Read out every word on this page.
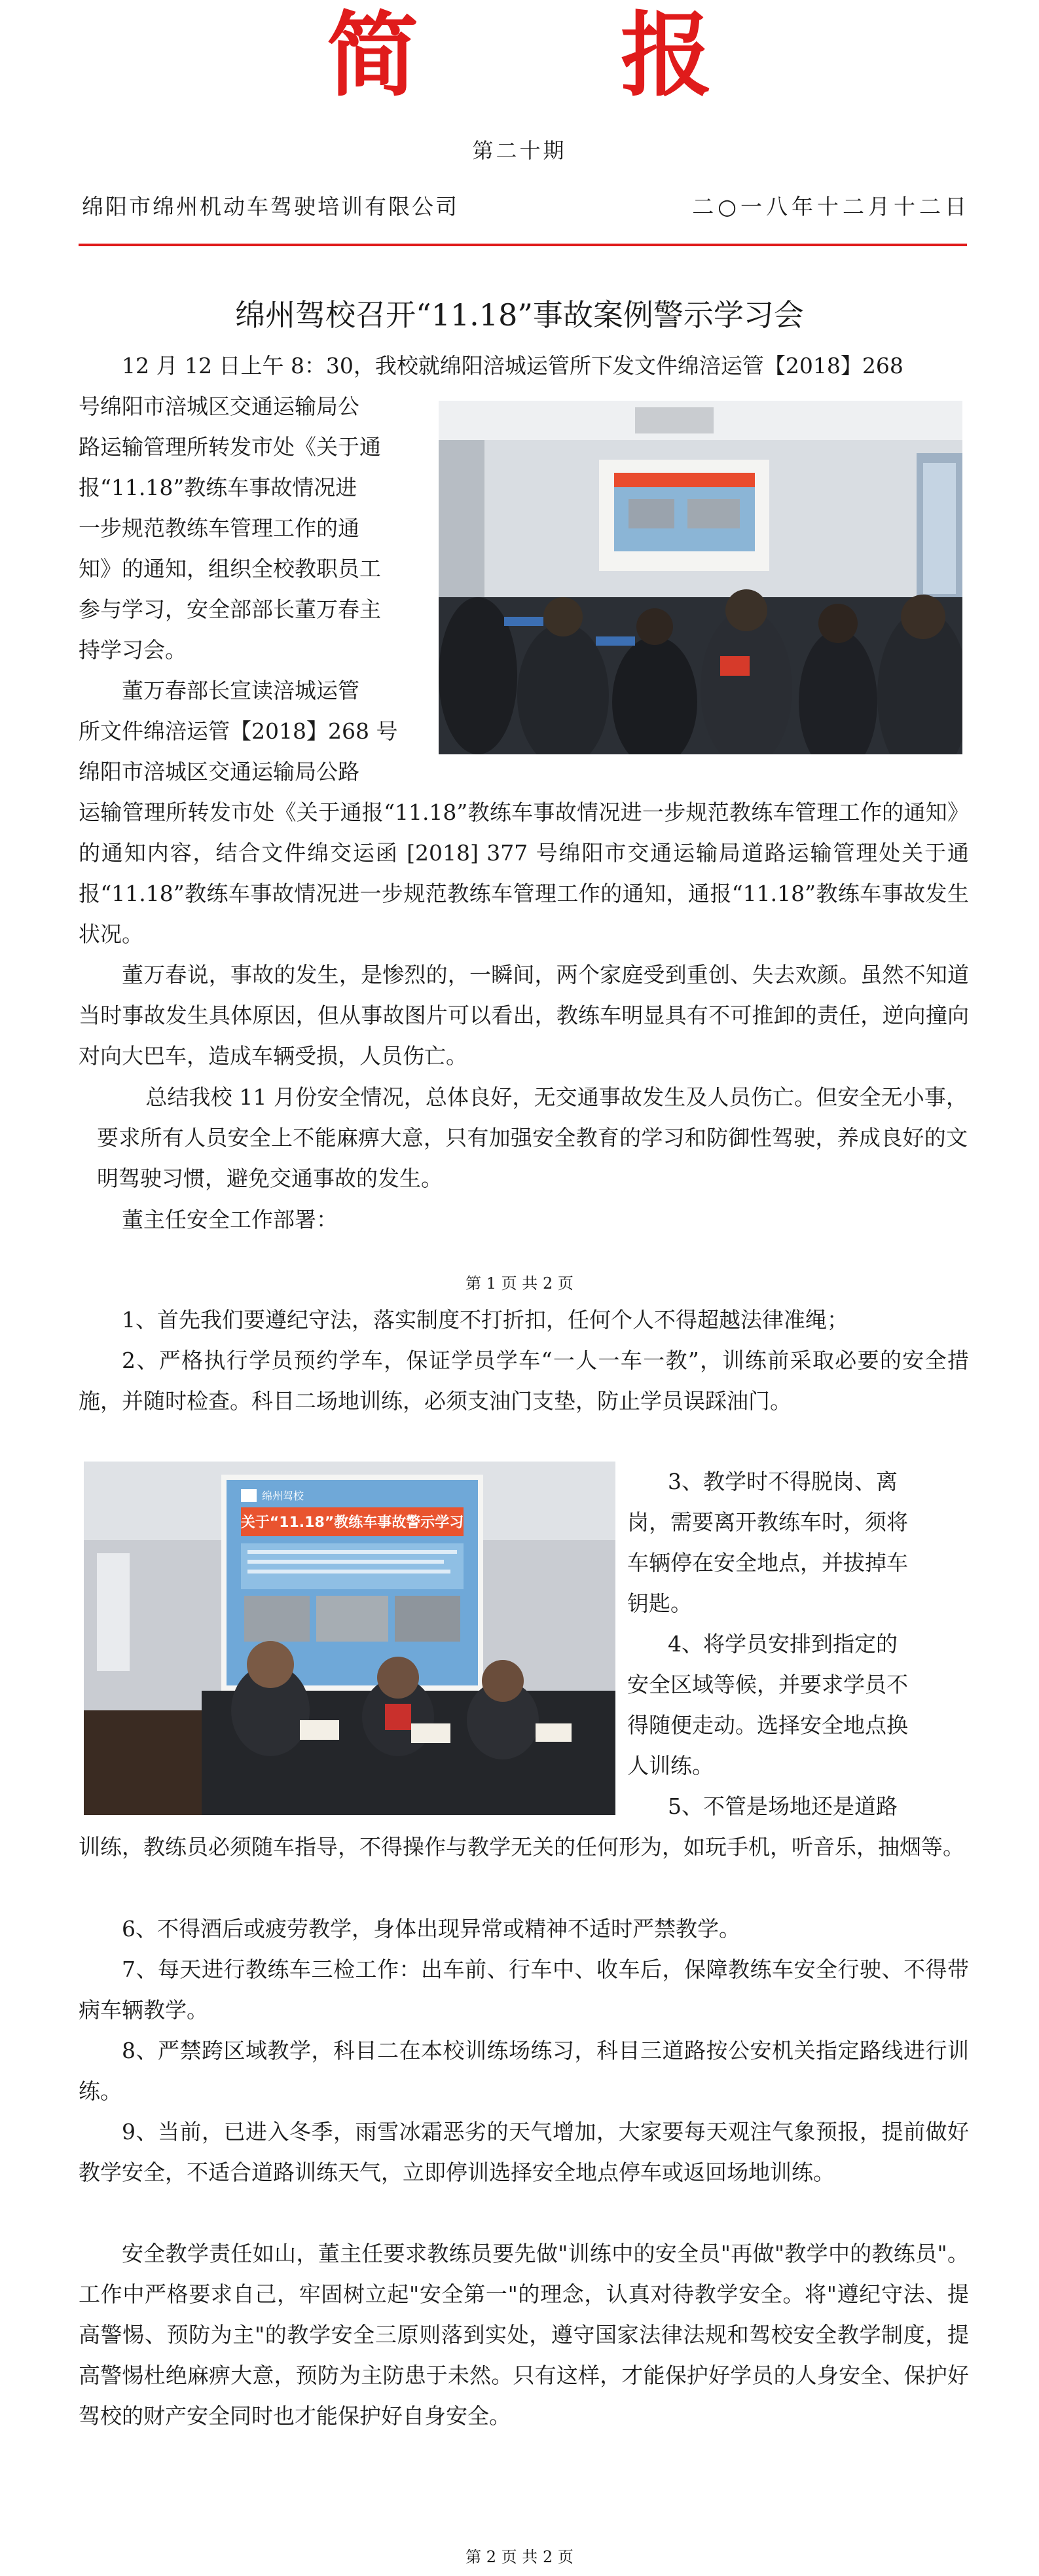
简 报
第二十期
绵阳市绵州机动车驾驶培训有限公司	二○一八年十二月十二日
绵州驾校召开“11.18”事故案例警示学习会

12 月 12 日上午 8：30，我校就绵阳涪城运管所下发文件绵涪运管【2018】268

号绵阳市涪城区交通运输局公
路运输管理所转发市处《关于通
报“11.18”教练车事故情况进
一步规范教练车管理工作的通
知》的通知，组织全校教职员工
参与学习，安全部部长董万春主
持学习会。
董万春部长宣读涪城运管
所文件绵涪运管【2018】268 号
绵阳市涪城区交通运输局公路

运输管理所转发市处《关于通报“11.18”教练车事故情况进一步规范教练车管理工作的通知》的通知内容，结合文件绵交运函 [2018] 377 号绵阳市交通运输局道路运输管理处关于通报“11.18”教练车事故情况进一步规范教练车管理工作的通知，通报“11.18”教练车事故发生状况。

董万春说，事故的发生，是惨烈的，一瞬间，两个家庭受到重创、失去欢颜。虽然不知道当时事故发生具体原因，但从事故图片可以看出，教练车明显具有不可推卸的责任，逆向撞向对向大巴车，造成车辆受损，人员伤亡。

总结我校 11 月份安全情况，总体良好，无交通事故发生及人员伤亡。但安全无小事，要求所有人员安全上不能麻痹大意，只有加强安全教育的学习和防御性驾驶，养成良好的文明驾驶习惯，避免交通事故的发生。

董主任安全工作部署：

第 1 页 共 2 页

1、首先我们要遵纪守法，落实制度不打折扣，任何个人不得超越法律准绳；

2、严格执行学员预约学车，保证学员学车“一人一车一教”，训练前采取必要的安全措施，并随时检查。科目二场地训练，必须支油门支垫，防止学员误踩油门。

关于“11.18”教练车事故警示学习
绵州驾校
3、教学时不得脱岗、离
岗，需要离开教练车时，须将
车辆停在安全地点，并拔掉车
钥匙。
4、将学员安排到指定的
安全区域等候，并要求学员不
得随便走动。选择安全地点换
人训练。
5、不管是场地还是道路

训练，教练员必须随车指导，不得操作与教学无关的任何形为，如玩手机，听音乐，抽烟等。

6、不得酒后或疲劳教学，身体出现异常或精神不适时严禁教学。

7、每天进行教练车三检工作：出车前、行车中、收车后，保障教练车安全行驶、不得带病车辆教学。

8、严禁跨区域教学，科目二在本校训练场练习，科目三道路按公安机关指定路线进行训练。

9、当前，已进入冬季，雨雪冰霜恶劣的天气增加，大家要每天观注气象预报，提前做好教学安全，不适合道路训练天气，立即停训选择安全地点停车或返回场地训练。

安全教学责任如山，董主任要求教练员要先做"训练中的安全员"再做"教学中的教练员"。工作中严格要求自己，牢固树立起"安全第一"的理念，认真对待教学安全。将"遵纪守法、提高警惕、预防为主"的教学安全三原则落到实处，遵守国家法律法规和驾校安全教学制度，提高警惕杜绝麻痹大意，预防为主防患于未然。只有这样，才能保护好学员的人身安全、保护好驾校的财产安全同时也才能保护好自身安全。

第 2 页 共 2 页
